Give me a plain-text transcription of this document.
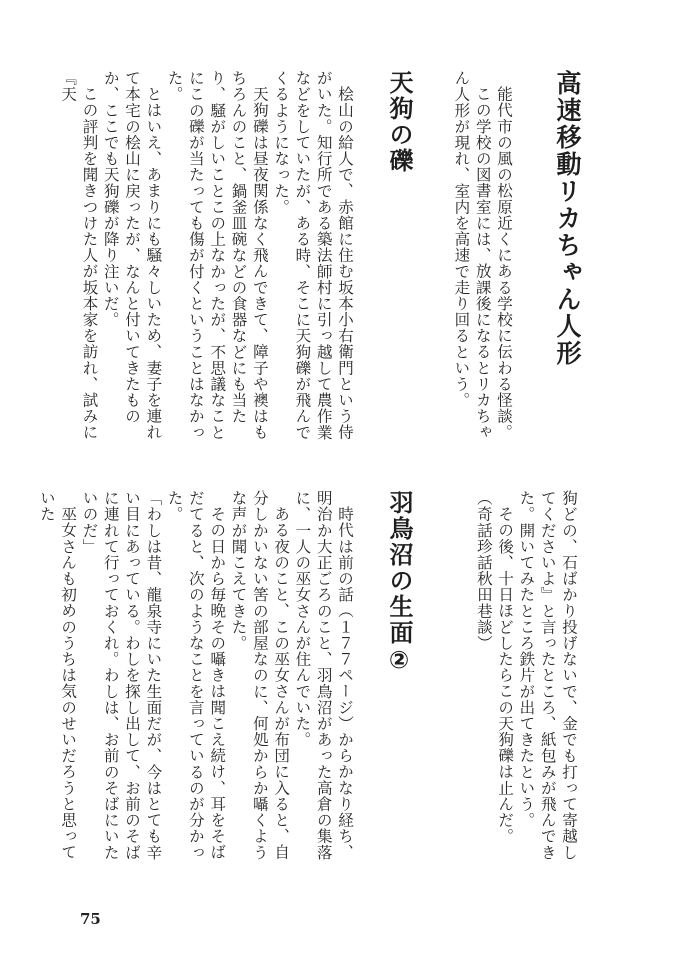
高速移動リカちゃん人形

能代市の風の松原近くにある学校に伝わる怪談。

この学校の図書室には、放課後になるとリカちゃん人形が現れ、室内を高速で走り回るという。

天狗の礫

桧山の給人で、赤館に住む坂本小右衛門という侍がいた。知行所である築法師村に引っ越して農作業などをしていたが、ある時、そこに天狗礫が飛んでくるようになった。

天狗礫は昼夜関係なく飛んできて、障子や襖はもちろんのこと、鍋釜皿碗などの食器などにも当たり、騒がしいことこの上なかったが、不思議なことにこの礫が当たっても傷が付くということはなかった。

とはいえ、あまりにも騒々しいため、妻子を連れて本宅の桧山に戻ったが、なんと付いてきたものか、ここでも天狗礫が降り注いだ。

この評判を聞きつけた人が坂本家を訪れ、試みに『天

狗どの、石ばかり投げないで、金でも打って寄越してくださいよ』と言ったところ、紙包みが飛んできた。開いてみたところ鉄片が出てきたという。

その後、十日ほどしたらこの天狗礫は止んだ。

（奇話珍話秋田巷談）

羽鳥沼の生面②

時代は前の話（１７７ページ）からかなり経ち、明治か大正ごろのこと、羽鳥沼があった高倉の集落に、一人の巫女さんが住んでいた。

ある夜のこと、この巫女さんが布団に入ると、自分しかいない筈の部屋なのに、何処からか囁くような声が聞こえてきた。

その日から毎晩その囁きは聞こえ続け、耳をそばだてると、次のようなことを言っているのが分かった。

「わしは昔、龍泉寺にいた生面だが、今はとても辛い目にあっている。わしを探し出して、お前のそばに連れて行っておくれ。わしは、お前のそばにいたいのだ」

巫女さんも初めのうちは気のせいだろうと思っていた

75
